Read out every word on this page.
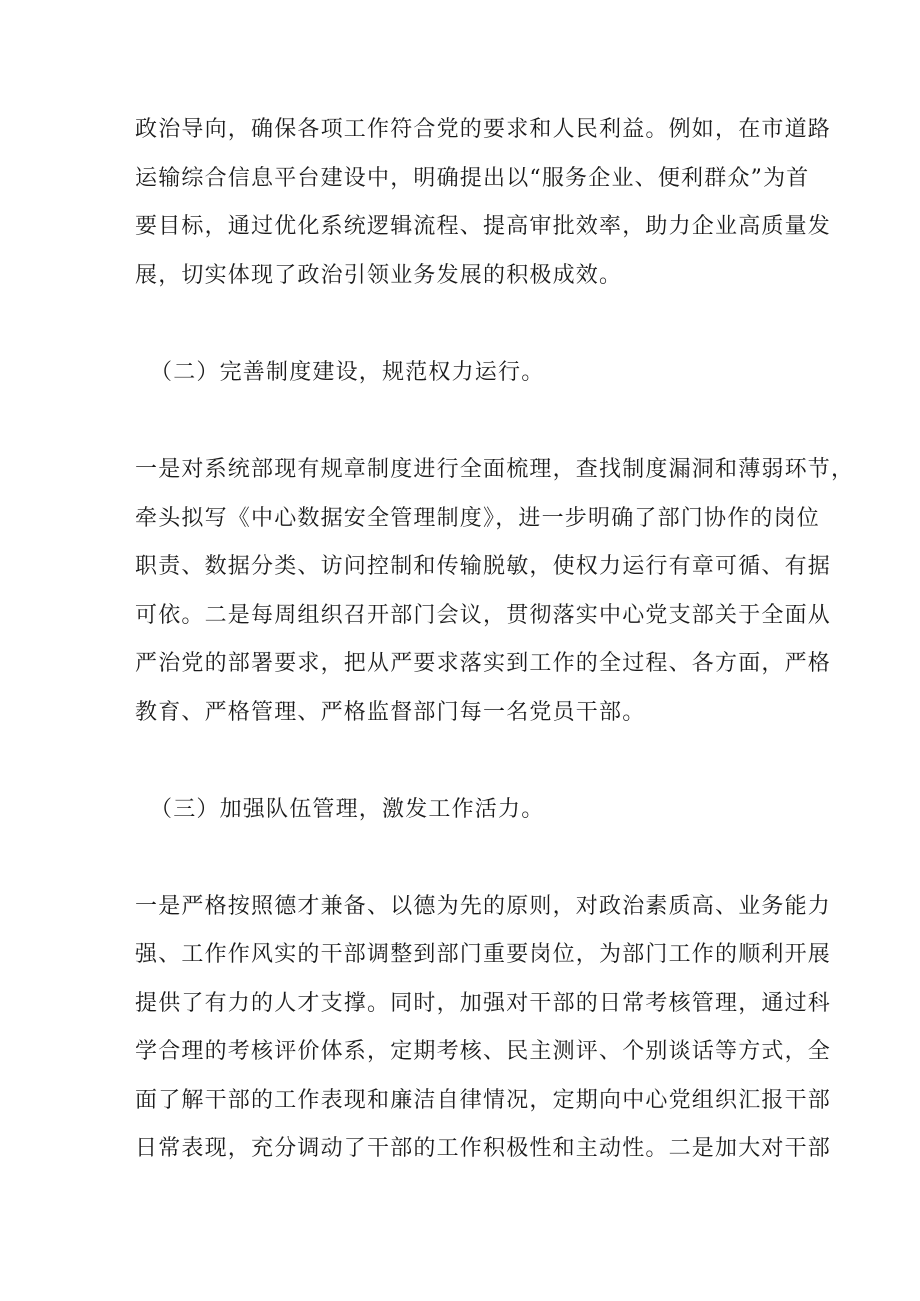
政治导向，确保各项工作符合党的要求和人民利益。例如，在市道路
运输综合信息平台建设中，明确提出以“服务企业、便利群众”为首
要目标，通过优化系统逻辑流程、提高审批效率，助力企业高质量发
展，切实体现了政治引领业务发展的积极成效。
（二）完善制度建设，规范权力运行。
一是对系统部现有规章制度进行全面梳理，查找制度漏洞和薄弱环节，
牵头拟写《中心数据安全管理制度》，进一步明确了部门协作的岗位
职责、数据分类、访问控制和传输脱敏，使权力运行有章可循、有据
可依。二是每周组织召开部门会议，贯彻落实中心党支部关于全面从
严治党的部署要求，把从严要求落实到工作的全过程、各方面，严格
教育、严格管理、严格监督部门每一名党员干部。
（三）加强队伍管理，激发工作活力。
一是严格按照德才兼备、以德为先的原则，对政治素质高、业务能力
强、工作作风实的干部调整到部门重要岗位，为部门工作的顺利开展
提供了有力的人才支撑。同时，加强对干部的日常考核管理，通过科
学合理的考核评价体系，定期考核、民主测评、个别谈话等方式，全
面了解干部的工作表现和廉洁自律情况，定期向中心党组织汇报干部
日常表现，充分调动了干部的工作积极性和主动性。二是加大对干部
